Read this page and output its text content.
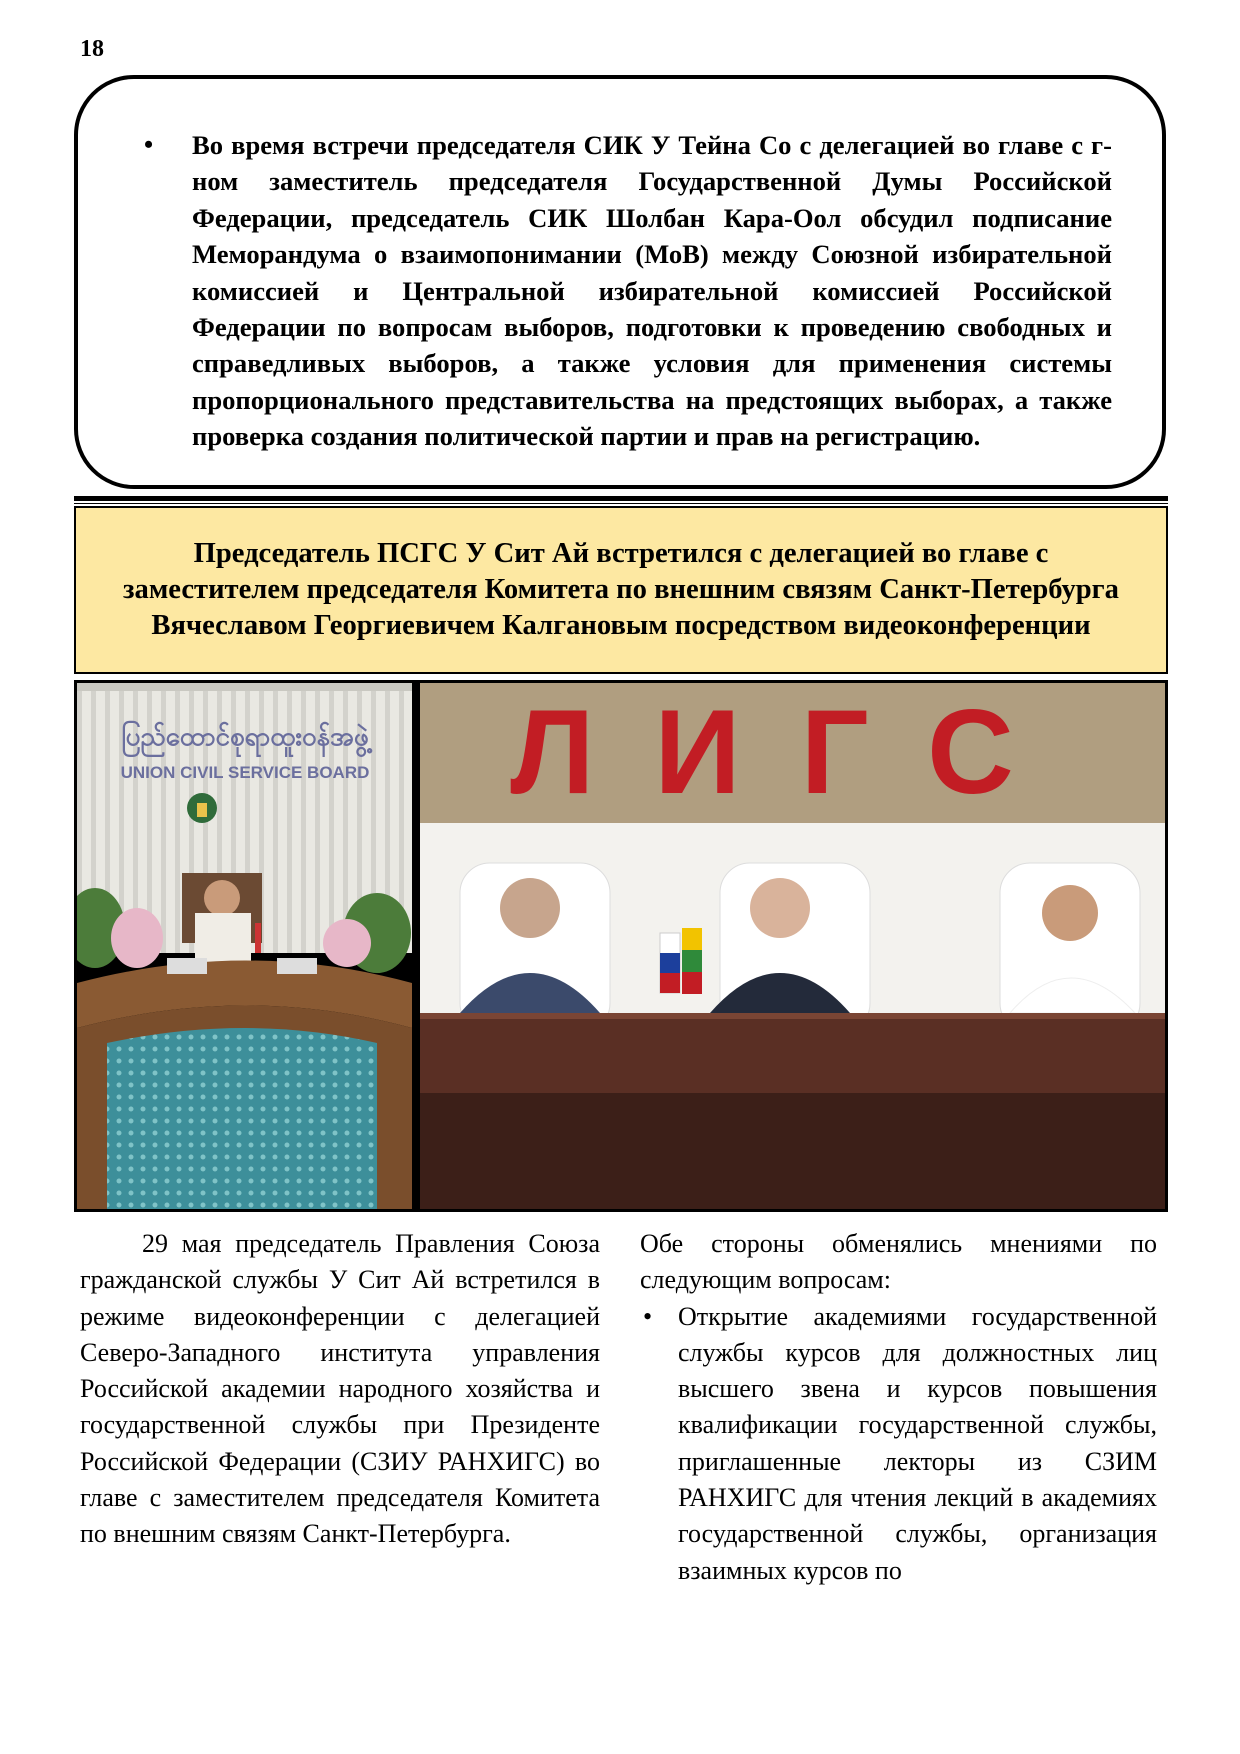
18
• Во время встречи председателя СИК У Тейна Со с делегацией во главе с г-ном заместитель председателя Государственной Думы Российской Федерации, председатель СИК Шолбан Кара-Оол обсудил подписание Меморандума о взаимопонимании (МоВ) между Союзной избирательной комиссией и Центральной избирательной комиссией Российской Федерации по вопросам выборов, подготовки к проведению свободных и справедливых выборов, а также условия для применения системы пропорционального представительства на предстоящих выборах, а также проверка создания политической партии и прав на регистрацию.
Председатель ПСГС У Сит Ай встретился с делегацией во главе с заместителем председателя Комитета по внешним связям Санкт-Петербурга Вячеславом Георгиевичем Калгановым посредством видеоконференции
ပြည်ထောင်စုရာထူးဝန်အဖွဲ့
UNION CIVIL SERVICE BOARD ЛИГС

29 мая председатель Правления Союза гражданской службы У Сит Ай встретился в режиме видеоконференции с делегацией Северо-Западного института управления Российской академии народного хозяйства и государственной службы при Президенте Российской Федерации (СЗИУ РАНХИГС) во главе с заместителем председателя Комитета по внешним связям Санкт-Петербурга.

Обе стороны обменялись мнениями по следующим вопросам:

• Открытие академиями государственной службы курсов для должностных лиц высшего звена и курсов повышения квалификации государственной службы, приглашенные лекторы из СЗИМ РАНХИГС для чтения лекций в академиях государственной службы, организация взаимных курсов по
